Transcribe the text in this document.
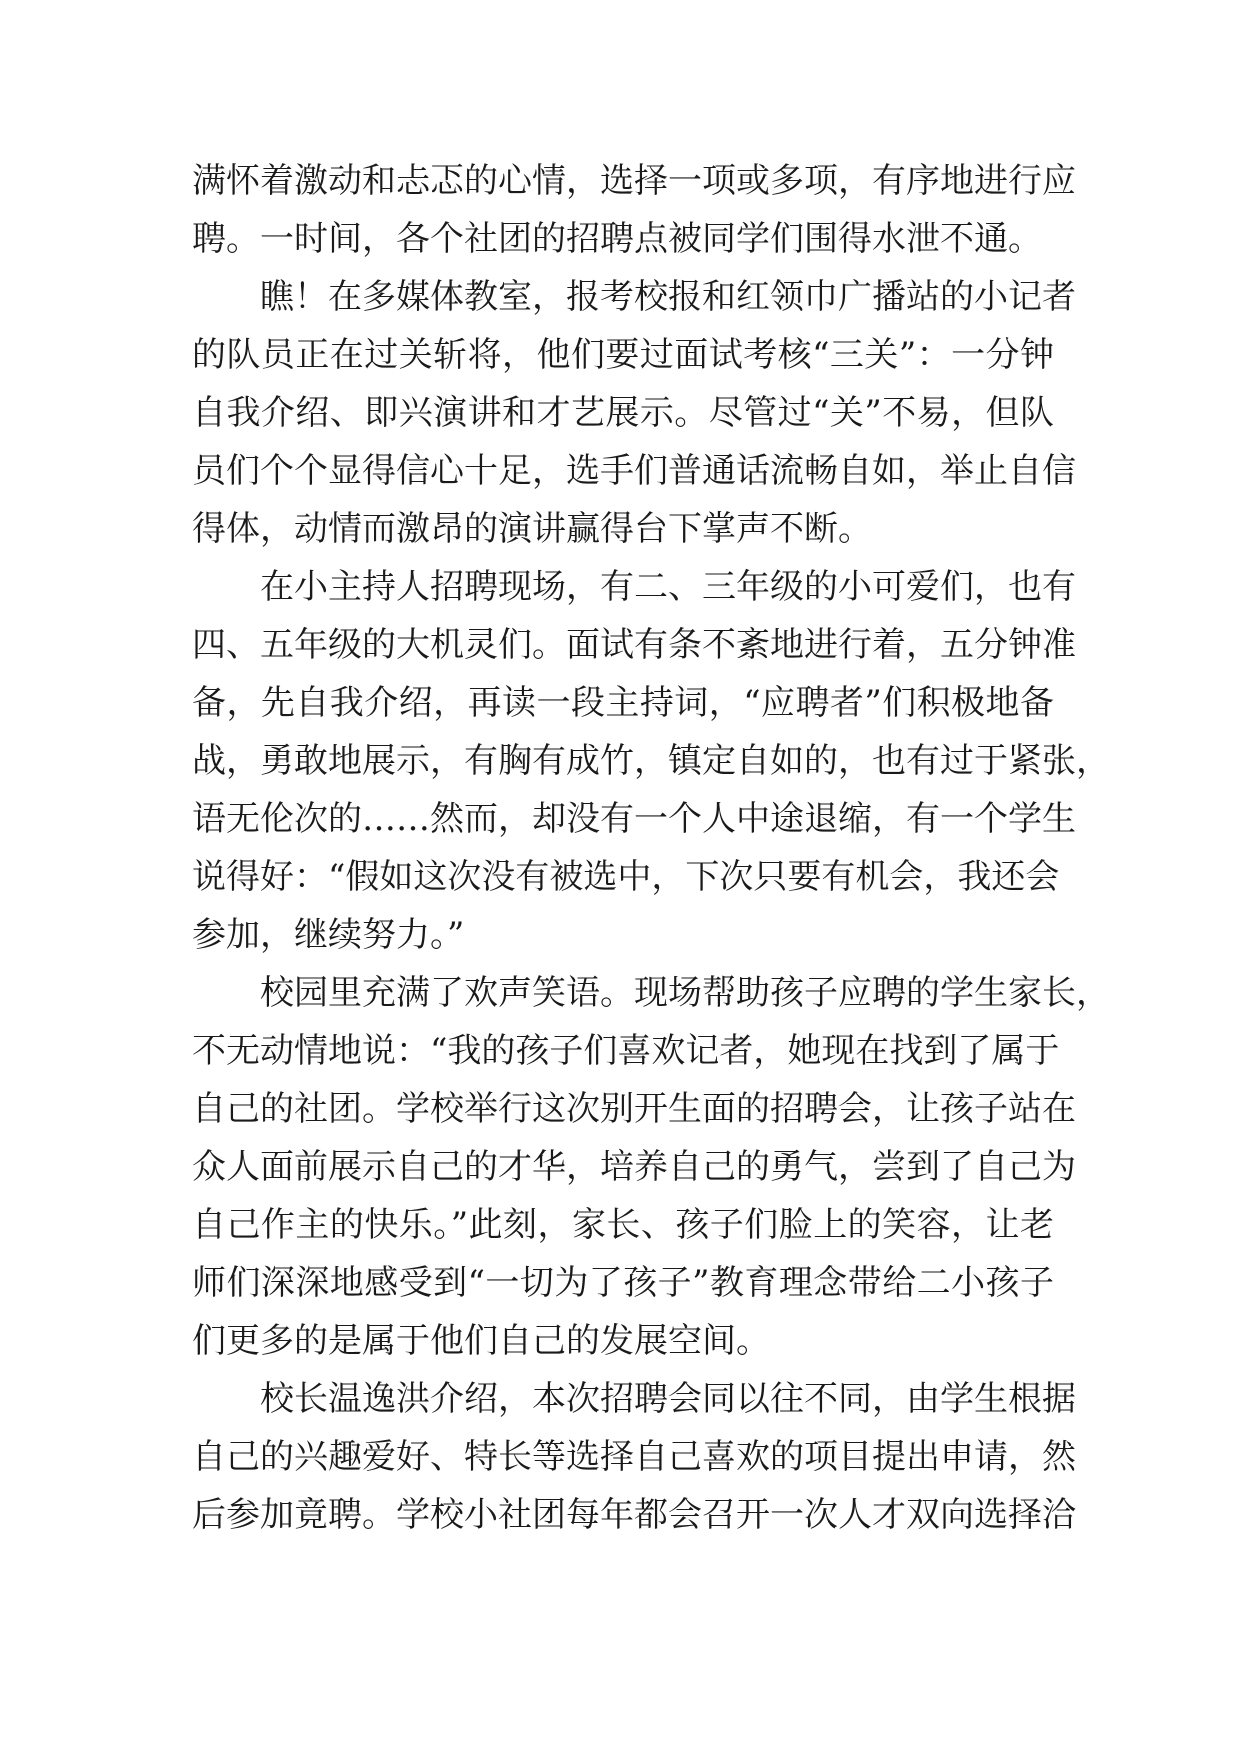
满怀着激动和忐忑的心情，选择一项或多项，有序地进行应
聘。一时间，各个社团的招聘点被同学们围得水泄不通。
瞧！在多媒体教室，报考校报和红领巾广播站的小记者
的队员正在过关斩将，他们要过面试考核“三关”：一分钟
自我介绍、即兴演讲和才艺展示。尽管过“关”不易，但队
员们个个显得信心十足，选手们普通话流畅自如，举止自信
得体，动情而激昂的演讲赢得台下掌声不断。
在小主持人招聘现场，有二、三年级的小可爱们，也有
四、五年级的大机灵们。面试有条不紊地进行着，五分钟准
备，先自我介绍，再读一段主持词，“应聘者”们积极地备
战，勇敢地展示，有胸有成竹，镇定自如的，也有过于紧张，
语无伦次的……然而，却没有一个人中途退缩，有一个学生
说得好：“假如这次没有被选中，下次只要有机会，我还会
参加，继续努力。”
校园里充满了欢声笑语。现场帮助孩子应聘的学生家长，
不无动情地说：“我的孩子们喜欢记者，她现在找到了属于
自己的社团。学校举行这次别开生面的招聘会，让孩子站在
众人面前展示自己的才华，培养自己的勇气，尝到了自己为
自己作主的快乐。”此刻，家长、孩子们脸上的笑容，让老
师们深深地感受到“一切为了孩子”教育理念带给二小孩子
们更多的是属于他们自己的发展空间。
校长温逸洪介绍，本次招聘会同以往不同，由学生根据
自己的兴趣爱好、特长等选择自己喜欢的项目提出申请，然
后参加竟聘。学校小社团每年都会召开一次人才双向选择洽
